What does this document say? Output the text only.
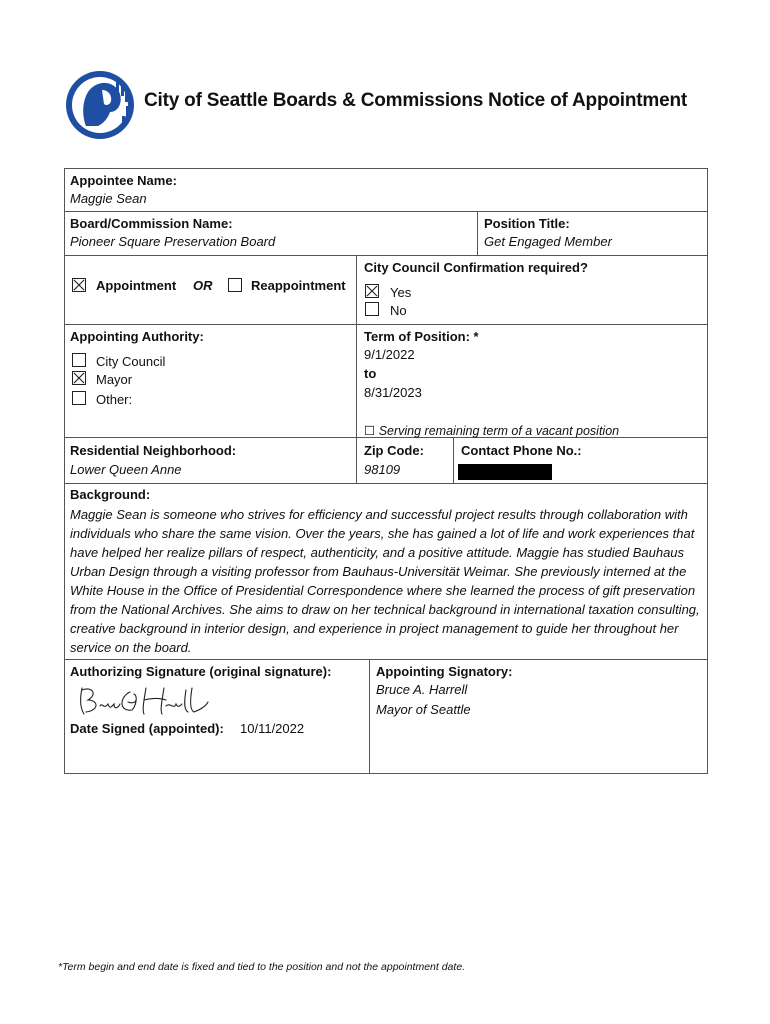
City of Seattle Boards & Commissions Notice of Appointment
Appointee Name:
Maggie Sean
Board/Commission Name:
Pioneer Square Preservation Board
Position Title:
Get Engaged Member
Appointment OR	Reappointment
City Council Confirmation required?
Yes
No
Appointing Authority:
City Council
Mayor
Other:
Term of Position: *
9/1/2022
to
8/31/2023
☐ Serving remaining term of a vacant position
Residential Neighborhood:
Lower Queen Anne
Zip Code:
98109
Contact Phone No.:
Background:
Maggie Sean is someone who strives for efficiency and successful project results through collaboration with individuals who share the same vision. Over the years, she has gained a lot of life and work experiences that have helped her realize pillars of respect, authenticity, and a positive attitude. Maggie has studied Bauhaus Urban Design through a visiting professor from Bauhaus-Universität Weimar. She previously interned at the White House in the Office of Presidential Correspondence where she learned the process of gift preservation from the National Archives. She aims to draw on her technical background in international taxation consulting, creative background in interior design, and experience in project management to guide her throughout her service on the board.
Authorizing Signature (original signature):
Date Signed (appointed): 10/11/2022
Appointing Signatory:
Bruce A. Harrell
Mayor of Seattle
*Term begin and end date is fixed and tied to the position and not the appointment date.
